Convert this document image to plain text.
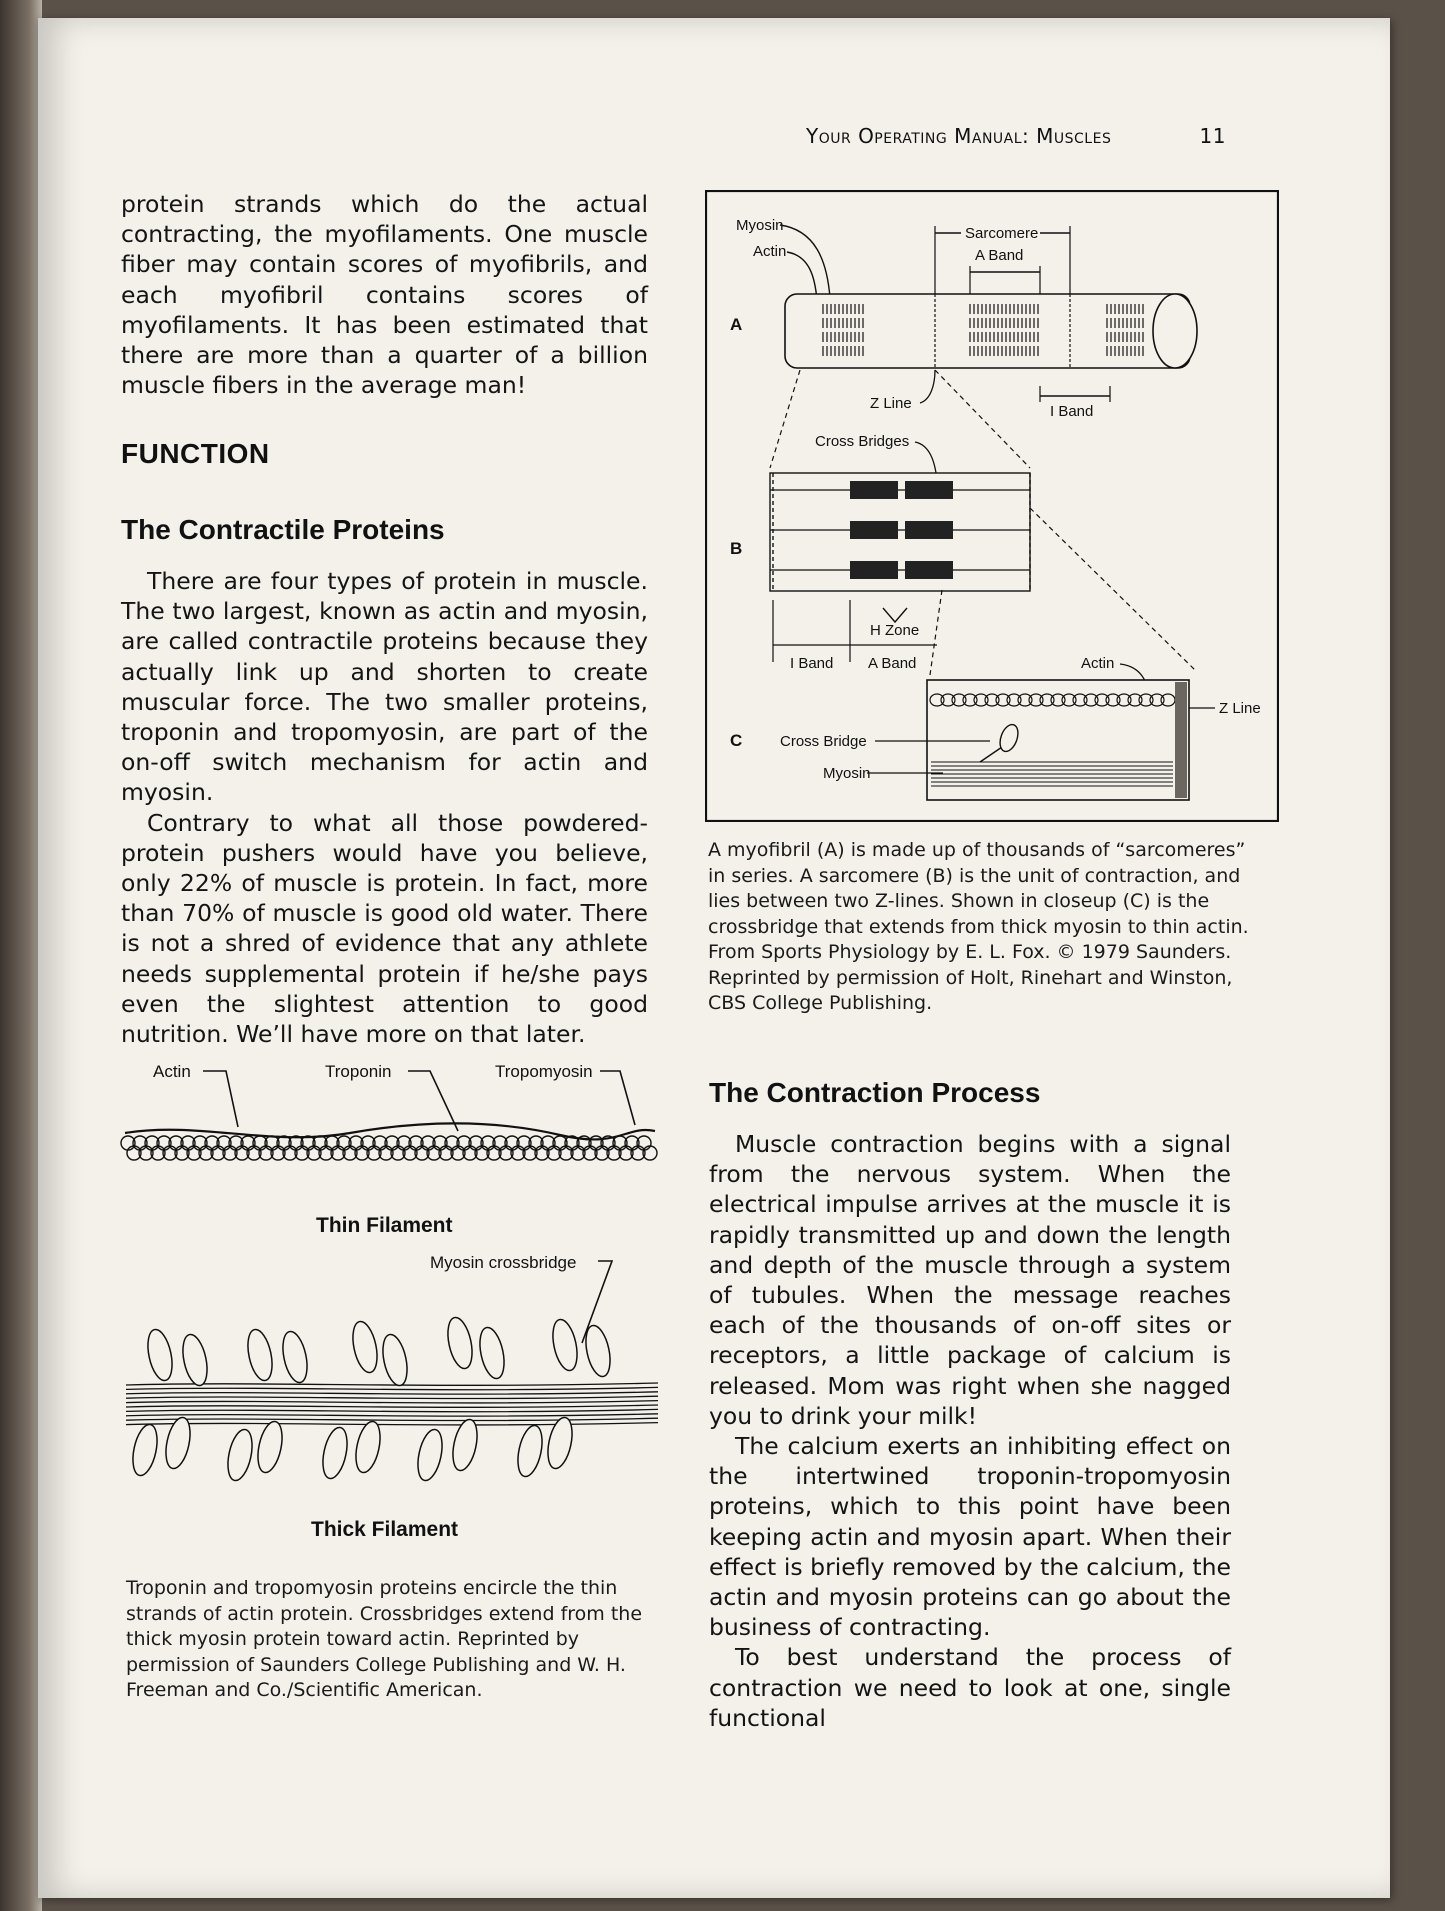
Your Operating Manual: Muscles	11

protein strands which do the actual contracting, the myofilaments. One muscle fiber may contain scores of myofibrils, and each myofibril contains scores of myofilaments. It has been estimated that there are more than a quarter of a billion muscle fibers in the average man!

FUNCTION
The Contractile Proteins

There are four types of protein in muscle. The two largest, known as actin and myosin, are called contractile proteins because they actually link up and shorten to create muscular force. The two smaller proteins, troponin and tropomyosin, are part of the on-off switch mechanism for actin and myosin.

Contrary to what all those powdered-protein pushers would have you believe, only 22% of muscle is protein. In fact, more than 70% of muscle is good old water. There is not a shred of evidence that any athlete needs supplemental protein if he/she pays even the slightest attention to good nutrition. We’ll have more on that later.

Actin	Troponin	Tropomyosin
Myosin crossbridge
Thin Filament
Thick Filament

Troponin and tropomyosin proteins encircle the thin strands of actin protein. Crossbridges extend from the thick myosin protein toward actin. Reprinted by permission of Saunders College Publishing and W. H. Freeman and Co./Scientific American.

Myosin
Actin
Sarcomere
A Band
A
Z Line	I Band
Cross Bridges
B
H Zone
I Band A Band	Actin
Z Line
C	Cross Bridge
Myosin

A myofibril (A) is made up of thousands of “sarcomeres” in series. A sarcomere (B) is the unit of contraction, and lies between two Z-lines. Shown in closeup (C) is the crossbridge that extends from thick myosin to thin actin. From Sports Physiology by E. L. Fox. © 1979 Saunders. Reprinted by permission of Holt, Rinehart and Winston, CBS College Publishing.

The Contraction Process

Muscle contraction begins with a signal from the nervous system. When the electrical impulse arrives at the muscle it is rapidly transmitted up and down the length and depth of the muscle through a system of tubules. When the message reaches each of the thousands of on-off sites or receptors, a little package of calcium is released. Mom was right when she nagged you to drink your milk!

The calcium exerts an inhibiting effect on the intertwined troponin-tropomyosin proteins, which to this point have been keeping actin and myosin apart. When their effect is briefly removed by the calcium, the actin and myosin proteins can go about the business of contracting.

To best understand the process of contraction we need to look at one, single functional
